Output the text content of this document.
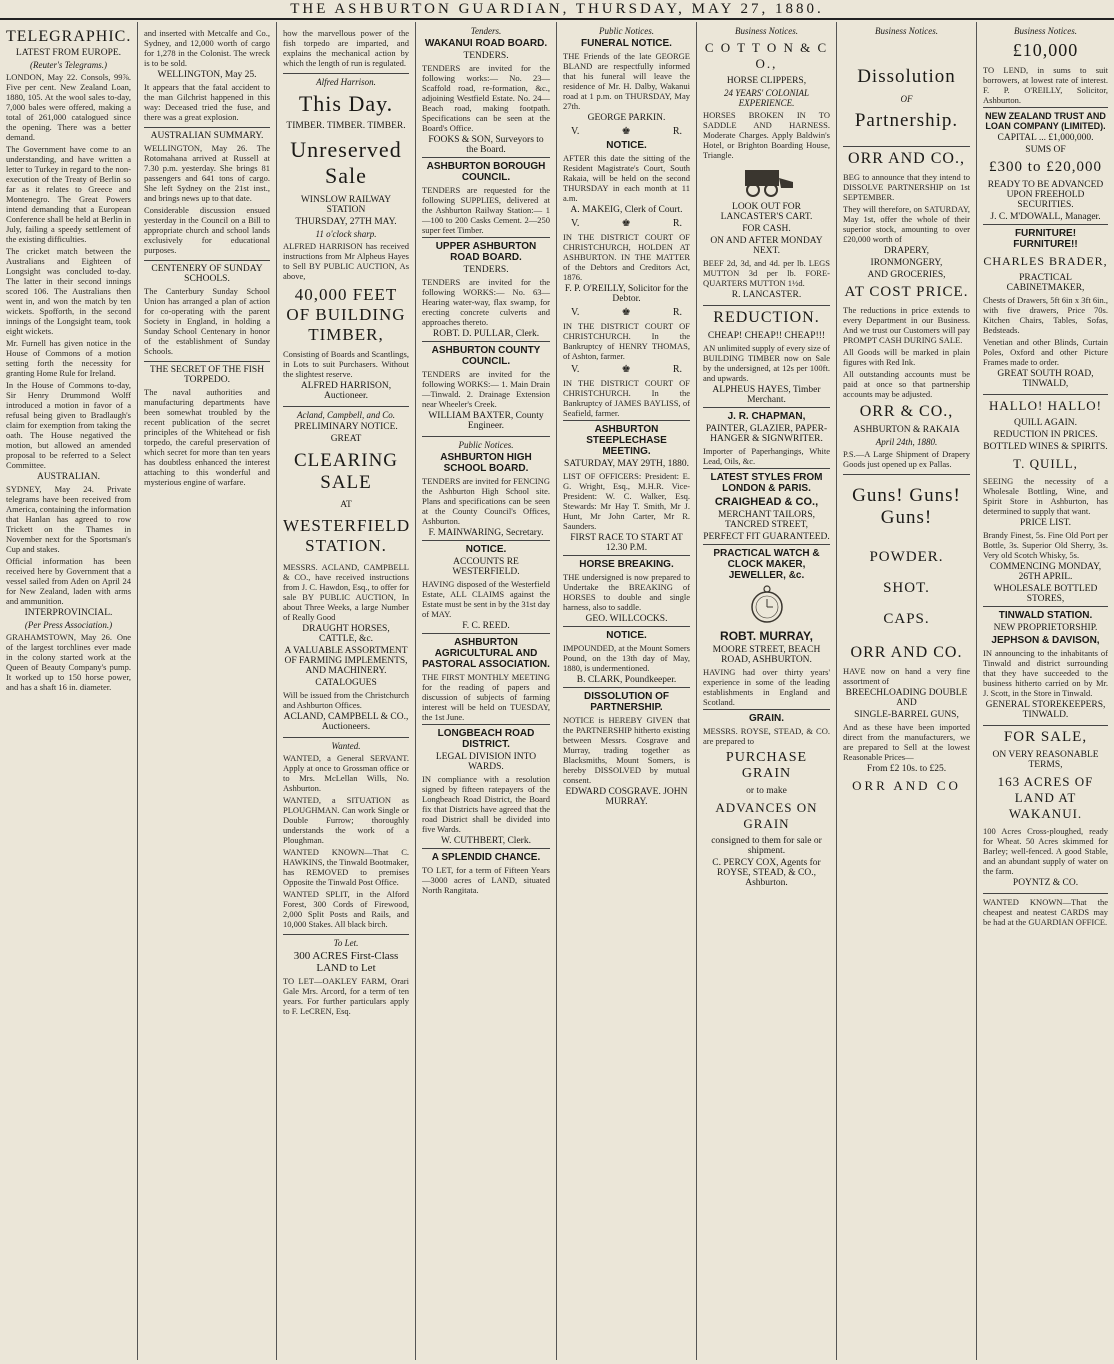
THE ASHBURTON GUARDIAN, THURSDAY, MAY 27, 1880.
TELEGRAPHIC.
LATEST FROM EUROPE.
(Reuter's Telegrams.)

LONDON, May 22. Consols, 99⅞. Five per cent. New Zealand Loan, 1880, 105. At the wool sales to-day, 7,000 bales were offered, making a total of 261,000 catalogued since the opening. There was a better demand.

The Government have come to an understanding, and have written a letter to Turkey in regard to the non-execution of the Treaty of Berlin so far as it relates to Greece and Montenegro. The Great Powers intend demanding that a European Conference shall be held at Berlin in July, failing a speedy settlement of the existing difficulties.

The cricket match between the Australians and Eighteen of Longsight was concluded to-day. The latter in their second innings scored 106. The Australians then went in, and won the match by ten wickets. Spofforth, in the second innings of the Longsight team, took eight wickets.

Mr. Furnell has given notice in the House of Commons of a motion setting forth the necessity for granting Home Rule for Ireland.

In the House of Commons to-day, Sir Henry Drummond Wolff introduced a motion in favor of a refusal being given to Bradlaugh's claim for exemption from taking the oath. The House negatived the motion, but allowed an amended proposal to be referred to a Select Committee.

AUSTRALIAN.

SYDNEY, May 24. Private telegrams have been received from America, containing the information that Hanlan has agreed to row Trickett on the Thames in November next for the Sportsman's Cup and stakes.

Official information has been received here by Government that a vessel sailed from Aden on April 24 for New Zealand, laden with arms and ammunition.

INTERPROVINCIAL.
(Per Press Association.)

GRAHAMSTOWN, May 26. One of the largest torchlines ever made in the colony started work at the Queen of Beauty Company's pump. It worked up to 150 horse power, and has a shaft 16 in. diameter.

and inserted with Metcalfe and Co., Sydney, and 12,000 worth of cargo for 1,278 in the Colonist. The wreck is to be sold.

WELLINGTON, May 25.

It appears that the fatal accident to the man Gilchrist happened in this way: Deceased tried the fuse, and there was a great explosion.

AUSTRALIAN SUMMARY.

WELLINGTON, May 26. The Rotomahana arrived at Russell at 7.30 p.m. yesterday. She brings 81 passengers and 641 tons of cargo. She left Sydney on the 21st inst., and brings news up to that date.

Considerable discussion ensued yesterday in the Council on a Bill to appropriate church and school lands exclusively for educational purposes.

CENTENERY OF SUNDAY SCHOOLS.

The Canterbury Sunday School Union has arranged a plan of action for co-operating with the parent Society in England, in holding a Sunday School Centenary in honor of the establishment of Sunday Schools.

THE SECRET OF THE FISH TORPEDO.

The naval authorities and manufacturing departments have been somewhat troubled by the recent publication of the secret principles of the Whitehead or fish torpedo, the careful preservation of which secret for more than ten years has doubtless enhanced the interest attaching to this wonderful and mysterious engine of warfare.

how the marvellous power of the fish torpedo are imparted, and explains the mechanical action by which the length of run is regulated.

Alfred Harrison.
This Day.
TIMBER. TIMBER. TIMBER.
Unreserved Sale
WINSLOW RAILWAY STATION
THURSDAY, 27TH MAY.
11 o'clock sharp.

ALFRED HARRISON has received instructions from Mr Alpheus Hayes to Sell BY PUBLIC AUCTION, As above,

40,000 FEET OF BUILDING TIMBER,

Consisting of Boards and Scantlings, in Lots to suit Purchasers. Without the slightest reserve.

ALFRED HARRISON, Auctioneer.
Acland, Campbell, and Co.
PRELIMINARY NOTICE.
GREAT
CLEARING SALE
AT
WESTERFIELD STATION.

MESSRS. ACLAND, CAMPBELL & CO., have received instructions from J. C. Hawdon, Esq., to offer for sale BY PUBLIC AUCTION, In about Three Weeks, a large Number of Really Good

DRAUGHT HORSES, CATTLE, &c.
A VALUABLE ASSORTMENT OF FARMING IMPLEMENTS, AND MACHINERY.
CATALOGUES

Will be issued from the Christchurch and Ashburton Offices.

ACLAND, CAMPBELL & CO., Auctioneers.
Wanted.

WANTED, a General SERVANT. Apply at once to Grossman office or to Mrs. McLellan Wills, No. Ashburton.

WANTED, a SITUATION as PLOUGHMAN. Can work Single or Double Furrow; thoroughly understands the work of a Ploughman.

WANTED KNOWN—That C. HAWKINS, the Tinwald Bootmaker, has REMOVED to premises Opposite the Tinwald Post Office.

WANTED SPLIT, in the Alford Forest, 300 Cords of Firewood, 2,000 Split Posts and Rails, and 10,000 Stakes. All black birch.

To Let.
300 ACRES First-Class LAND to Let

TO LET—OAKLEY FARM, Orari Gale Mrs. Arcord, for a term of ten years. For further particulars apply to F. LeCREN, Esq.

Tenders.
WAKANUI ROAD BOARD.
TENDERS.

TENDERS are invited for the following works:— No. 23—Scaffold road, re-formation, &c., adjoining Westfield Estate. No. 24—Beach road, making footpath. Specifications can be seen at the Board's Office.

FOOKS & SON, Surveyors to the Board.
ASHBURTON BOROUGH COUNCIL.

TENDERS are requested for the following SUPPLIES, delivered at the Ashburton Railway Station:— 1—100 to 200 Casks Cement. 2—250 super feet Timber.

UPPER ASHBURTON ROAD BOARD.
TENDERS.

TENDERS are invited for the following WORKS:— No. 63—Hearing water-way, flax swamp, for erecting concrete culverts and approaches thereto.

ROBT. D. PULLAR, Clerk.
ASHBURTON COUNTY COUNCIL.

TENDERS are invited for the following WORKS:— 1. Main Drain—Tinwald. 2. Drainage Extension near Wheeler's Creek.

WILLIAM BAXTER, County Engineer.
Public Notices.
ASHBURTON HIGH SCHOOL BOARD.

TENDERS are invited for FENCING the Ashburton High School site. Plans and specifications can be seen at the County Council's Offices, Ashburton.

F. MAINWARING, Secretary.
NOTICE.
ACCOUNTS RE WESTERFIELD.

HAVING disposed of the Westerfield Estate, ALL CLAIMS against the Estate must be sent in by the 31st day of MAY.

F. C. REED.
ASHBURTON AGRICULTURAL AND PASTORAL ASSOCIATION.

THE FIRST MONTHLY MEETING for the reading of papers and discussion of subjects of farming interest will be held on TUESDAY, the 1st June.

LONGBEACH ROAD DISTRICT.
LEGAL DIVISION INTO WARDS.

IN compliance with a resolution signed by fifteen ratepayers of the Longbeach Road District, the Board fix that Districts have agreed that the road District shall be divided into five Wards.

W. CUTHBERT, Clerk.
A SPLENDID CHANCE.

TO LET, for a term of Fifteen Years—3000 acres of LAND, situated North Rangitata.

Public Notices.
FUNERAL NOTICE.

THE Friends of the late GEORGE BLAND are respectfully informed that his funeral will leave the residence of Mr. H. Dalby, Wakanui road at 1 p.m. on THURSDAY, May 27th.

GEORGE PARKIN.
V.	♚	R.
NOTICE.

AFTER this date the sitting of the Resident Magistrate's Court, South Rakaia, will be held on the second THURSDAY in each month at 11 a.m.

A. MAKEIG, Clerk of Court.
V.	♚	R.

IN THE DISTRICT COURT OF CHRISTCHURCH, HOLDEN AT ASHBURTON. IN THE MATTER of the Debtors and Creditors Act, 1876.

F. P. O'REILLY, Solicitor for the Debtor.
V.	♚	R.

IN THE DISTRICT COURT OF CHRISTCHURCH. In the Bankruptcy of HENRY THOMAS, of Ashton, farmer.

V.	♚	R.

IN THE DISTRICT COURT OF CHRISTCHURCH. In the Bankruptcy of JAMES BAYLISS, of Seafield, farmer.

ASHBURTON STEEPLECHASE MEETING.
SATURDAY, MAY 29TH, 1880.

LIST OF OFFICERS: President: E. G. Wright, Esq., M.H.R. Vice-President: W. C. Walker, Esq. Stewards: Mr Hay T. Smith, Mr J. Hunt, Mr John Carter, Mr R. Saunders.

FIRST RACE TO START AT 12.30 P.M.
HORSE BREAKING.

THE undersigned is now prepared to Undertake the BREAKING of HORSES to double and single harness, also to saddle.

GEO. WILLCOCKS.
NOTICE.

IMPOUNDED, at the Mount Somers Pound, on the 13th day of May, 1880, is undermentioned.

B. CLARK, Poundkeeper.
DISSOLUTION OF PARTNERSHIP.

NOTICE is HEREBY GIVEN that the PARTNERSHIP hitherto existing between Messrs. Cosgrave and Murray, trading together as Blacksmiths, Mount Somers, is hereby DISSOLVED by mutual consent.

EDWARD COSGRAVE. JOHN MURRAY.
Business Notices.
C O T T O N & C O.,
HORSE CLIPPERS,
24 YEARS' COLONIAL EXPERIENCE.

HORSES BROKEN IN TO SADDLE AND HARNESS. Moderate Charges. Apply Baldwin's Hotel, or Brighton Boarding House, Triangle.

LOOK OUT FOR LANCASTER'S CART.
FOR CASH.
ON AND AFTER MONDAY NEXT.

BEEF 2d, 3d, and 4d. per lb. LEGS MUTTON 3d per lb. FORE-QUARTERS MUTTON 1½d.

R. LANCASTER.
REDUCTION.
CHEAP! CHEAP!! CHEAP!!!

AN unlimited supply of every size of BUILDING TIMBER now on Sale by the undersigned, at 12s per 100ft. and upwards.

ALPHEUS HAYES, Timber Merchant.
J. R. CHAPMAN,
PAINTER, GLAZIER, PAPER-HANGER & SIGNWRITER.

Importer of Paperhangings, White Lead, Oils, &c.

LATEST STYLES FROM LONDON & PARIS.
CRAIGHEAD & CO.,
MERCHANT TAILORS, TANCRED STREET,
PERFECT FIT GUARANTEED.
PRACTICAL WATCH & CLOCK MAKER, JEWELLER, &c.
ROBT. MURRAY,
MOORE STREET, BEACH ROAD, ASHBURTON.

HAVING had over thirty years' experience in some of the leading establishments in England and Scotland.

GRAIN.

MESSRS. ROYSE, STEAD, & CO. are prepared to

PURCHASE GRAIN
or to make
ADVANCES ON GRAIN
consigned to them for sale or shipment.
C. PERCY COX, Agents for ROYSE, STEAD, & CO., Ashburton.
Business Notices.
Dissolution
OF
Partnership.
ORR AND CO.,

BEG to announce that they intend to DISSOLVE PARTNERSHIP on 1st SEPTEMBER.

They will therefore, on SATURDAY, May 1st, offer the whole of their superior stock, amounting to over £20,000 worth of

DRAPERY,
IRONMONGERY,
AND GROCERIES,
AT COST PRICE.

The reductions in price extends to every Department in our Business. And we trust our Customers will pay PROMPT CASH DURING SALE.

All Goods will be marked in plain figures with Red Ink.

All outstanding accounts must be paid at once so that partnership accounts may be adjusted.

ORR & CO.,
ASHBURTON & RAKAIA
April 24th, 1880.

P.S.—A Large Shipment of Drapery Goods just opened up ex Pallas.

Guns! Guns! Guns!
POWDER.
SHOT.
CAPS.
ORR AND CO.

HAVE now on hand a very fine assortment of

BREECHLOADING DOUBLE AND
SINGLE-BARREL GUNS,

And as these have been imported direct from the manufacturers, we are prepared to Sell at the lowest Reasonable Prices—

From £2 10s. to £25.
ORR AND CO
Business Notices.
£10,000

TO LEND, in sums to suit borrowers, at lowest rate of interest. F. P. O'REILLY, Solicitor, Ashburton.

NEW ZEALAND TRUST AND LOAN COMPANY (LIMITED).
CAPITAL ... £1,000,000.
SUMS OF
£300 to £20,000
READY TO BE ADVANCED UPON FREEHOLD SECURITIES.
J. C. M'DOWALL, Manager.
FURNITURE! FURNITURE!!
CHARLES BRADER,
PRACTICAL CABINETMAKER,

Chests of Drawers, 5ft 6in x 3ft 6in., with five drawers, Price 70s. Kitchen Chairs, Tables, Sofas, Bedsteads.

Venetian and other Blinds, Curtain Poles, Oxford and other Picture Frames made to order.

GREAT SOUTH ROAD, TINWALD,
HALLO! HALLO!
QUILL AGAIN.
REDUCTION IN PRICES.
BOTTLED WINES & SPIRITS.
T. QUILL,

SEEING the necessity of a Wholesale Bottling, Wine, and Spirit Store in Ashburton, has determined to supply that want.

PRICE LIST.

Brandy Finest, 5s. Fine Old Port per Bottle, 3s. Superior Old Sherry, 3s. Very old Scotch Whisky, 5s.

COMMENCING MONDAY, 26TH APRIL.
WHOLESALE BOTTLED STORES,
TINWALD STATION.
NEW PROPRIETORSHIP.
JEPHSON & DAVISON,

IN announcing to the inhabitants of Tinwald and district surrounding that they have succeeded to the business hitherto carried on by Mr. J. Scott, in the Store in Tinwald.

GENERAL STOREKEEPERS, TINWALD.
FOR SALE,
ON VERY REASONABLE TERMS,
163 ACRES OF LAND AT WAKANUI.

100 Acres Cross-ploughed, ready for Wheat. 50 Acres skimmed for Barley; well-fenced. A good Stable, and an abundant supply of water on the farm.

POYNTZ & CO.

WANTED KNOWN—That the cheapest and neatest CARDS may be had at the GUARDIAN OFFICE.
